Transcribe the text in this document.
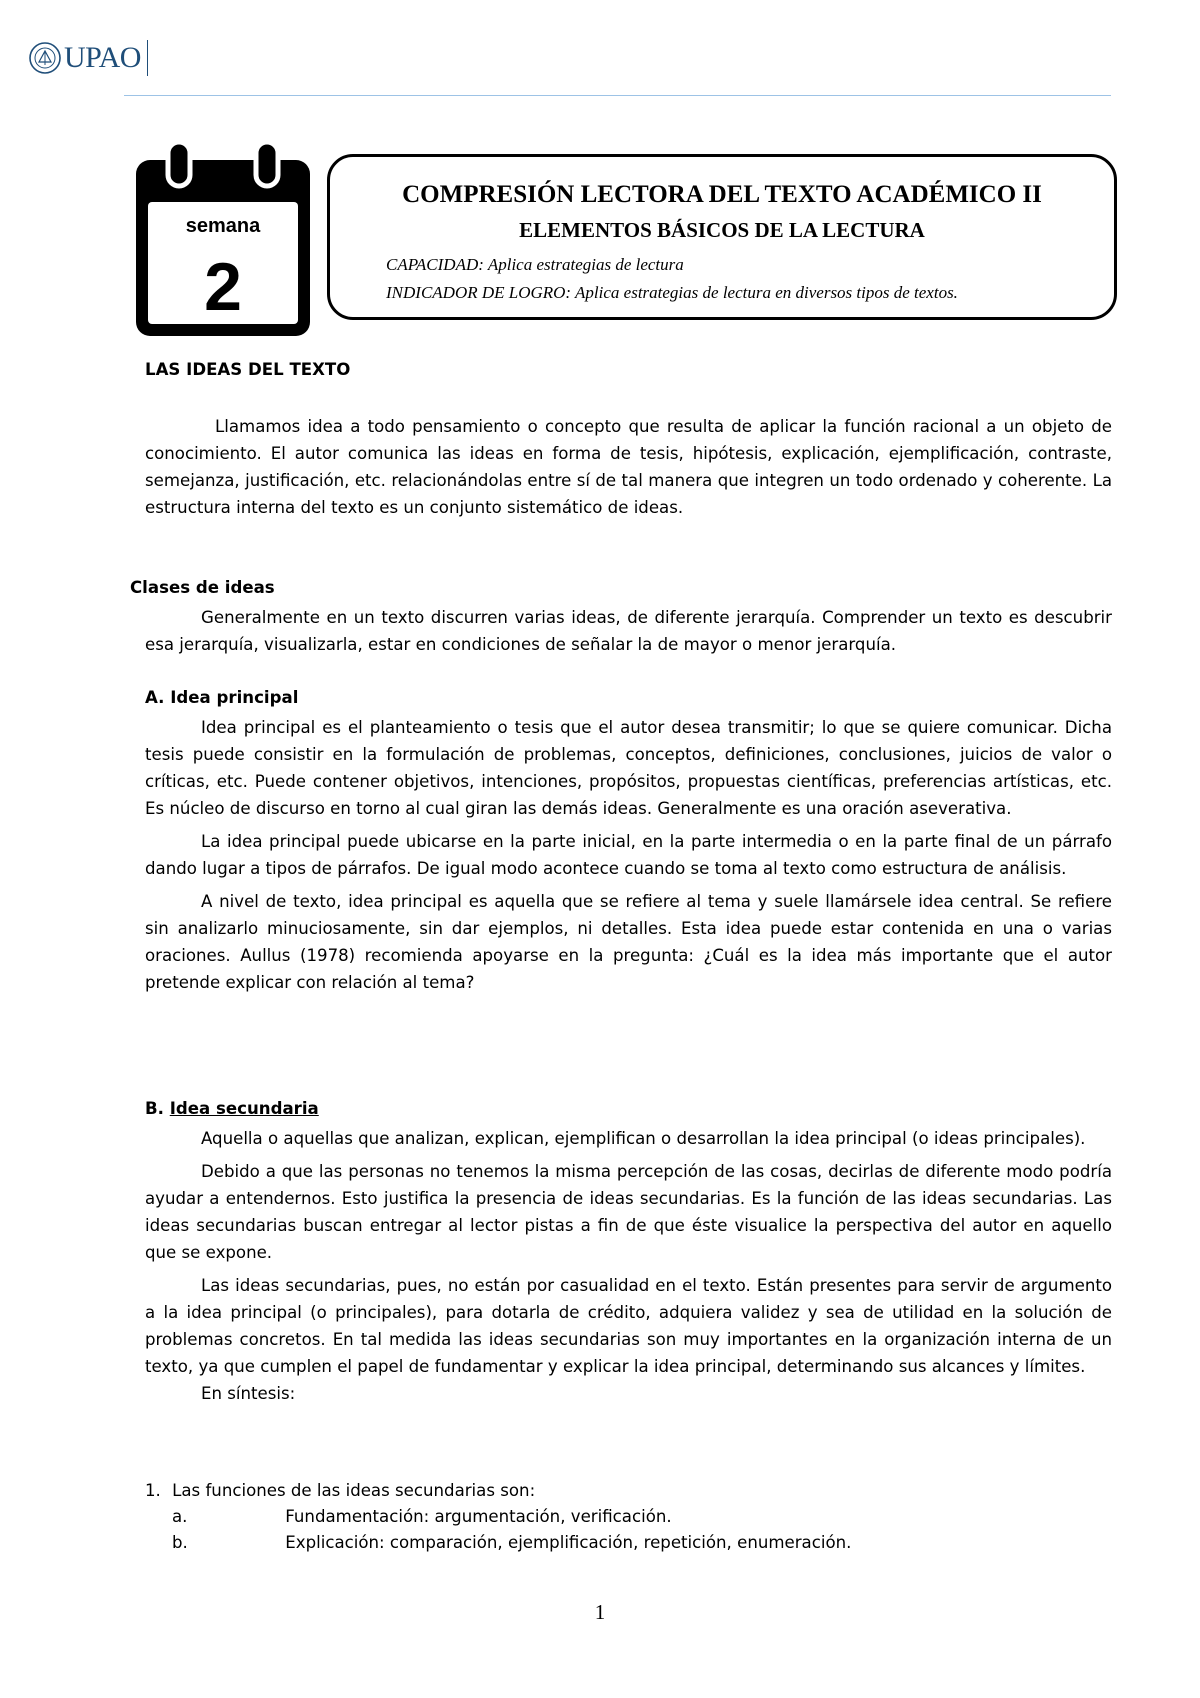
UPAO
semana
2
COMPRESIÓN LECTORA DEL TEXTO ACADÉMICO II
ELEMENTOS BÁSICOS DE LA LECTURA
CAPACIDAD: Aplica estrategias de lectura
INDICADOR DE LOGRO: Aplica estrategias de lectura en diversos tipos de textos.
LAS IDEAS DEL TEXTO

Llamamos idea a todo pensamiento o concepto que resulta de aplicar la función racional a un objeto de conocimiento. El autor comunica las ideas en forma de tesis, hipótesis, explicación, ejemplificación, contraste, semejanza, justificación, etc. relacionándolas entre sí de tal manera que integren un todo ordenado y coherente. La estructura interna del texto es un conjunto sistemático de ideas.

Clases de ideas

Generalmente en un texto discurren varias ideas, de diferente jerarquía. Comprender un texto es descubrir esa jerarquía, visualizarla, estar en condiciones de señalar la de mayor o menor jerarquía.

A. Idea principal

Idea principal es el planteamiento o tesis que el autor desea transmitir; lo que se quiere comunicar. Dicha tesis puede consistir en la formulación de problemas, conceptos, definiciones, conclusiones, juicios de valor o críticas, etc. Puede contener objetivos, intenciones, propósitos, propuestas científicas, preferencias artísticas, etc. Es núcleo de discurso en torno al cual giran las demás ideas. Generalmente es una oración aseverativa.

La idea principal puede ubicarse en la parte inicial, en la parte intermedia o en la parte final de un párrafo dando lugar a tipos de párrafos. De igual modo acontece cuando se toma al texto como estructura de análisis.

A nivel de texto, idea principal es aquella que se refiere al tema y suele llamársele idea central. Se refiere sin analizarlo minuciosamente, sin dar ejemplos, ni detalles. Esta idea puede estar contenida en una o varias oraciones. Aullus (1978) recomienda apoyarse en la pregunta: ¿Cuál es la idea más importante que el autor pretende explicar con relación al tema?

B. Idea secundaria

Aquella o aquellas que analizan, explican, ejemplifican o desarrollan la idea principal (o ideas principales).

Debido a que las personas no tenemos la misma percepción de las cosas, decirlas de diferente modo podría ayudar a entendernos. Esto justifica la presencia de ideas secundarias. Es la función de las ideas secundarias. Las ideas secundarias buscan entregar al lector pistas a fin de que éste visualice la perspectiva del autor en aquello que se expone.

Las ideas secundarias, pues, no están por casualidad en el texto. Están presentes para servir de argumento a la idea principal (o principales), para dotarla de crédito, adquiera validez y sea de utilidad en la solución de problemas concretos. En tal medida las ideas secundarias son muy importantes en la organización interna de un texto, ya que cumplen el papel de fundamentar y explicar la idea principal, determinando sus alcances y límites.

En síntesis:

1. Las funciones de las ideas secundarias son:
a.	Fundamentación: argumentación, verificación.
b.	Explicación: comparación, ejemplificación, repetición, enumeración.
1
